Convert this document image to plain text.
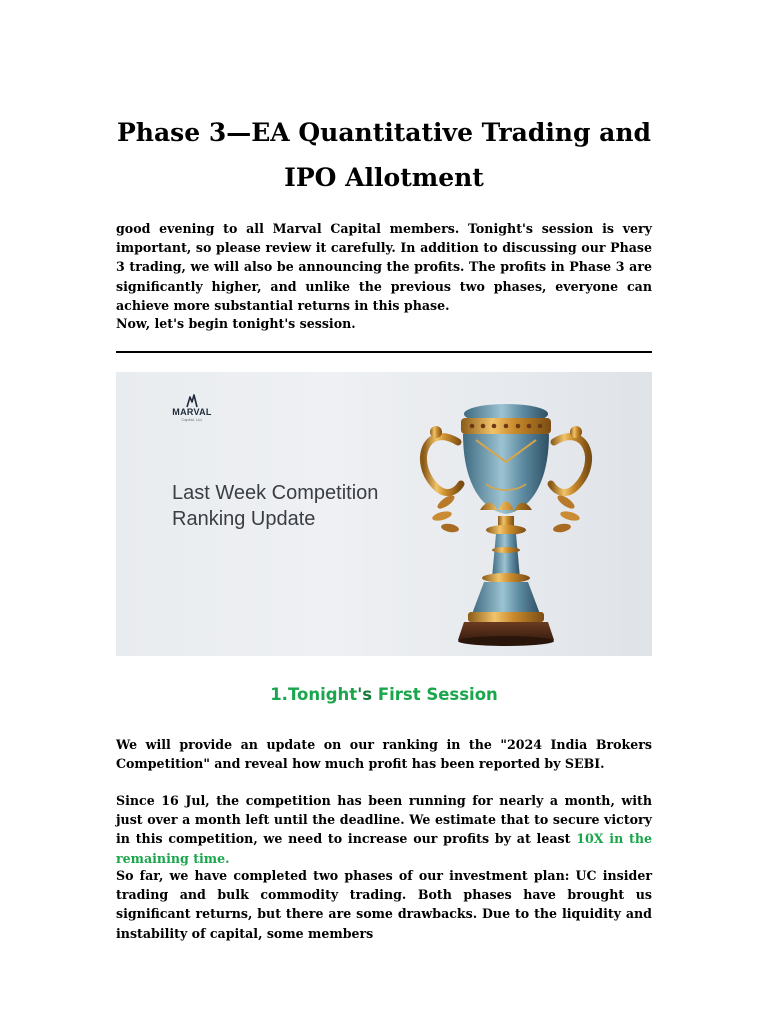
Phase 3—EA Quantitative Trading and
IPO Allotment

good evening to all Marval Capital members. Tonight's session is very important, so please review it carefully. In addition to discussing our Phase 3 trading, we will also be announcing the profits. The profits in Phase 3 are significantly higher, and unlike the previous two phases, everyone can achieve more substantial returns in this phase.

Now, let's begin tonight's session.

MARVAL
Capital, Ltd.
Last Week Competition
Ranking Update
1.Tonight's First Session

We will provide an update on our ranking in the "2024 India Brokers Competition" and reveal how much profit has been reported by SEBI.

Since 16 Jul, the competition has been running for nearly a month, with just over a month left until the deadline. We estimate that to secure victory in this competition, we need to increase our profits by at least 10X in the remaining time.

So far, we have completed two phases of our investment plan: UC insider trading and bulk commodity trading. Both phases have brought us significant returns, but there are some drawbacks. Due to the liquidity and instability of capital, some members
